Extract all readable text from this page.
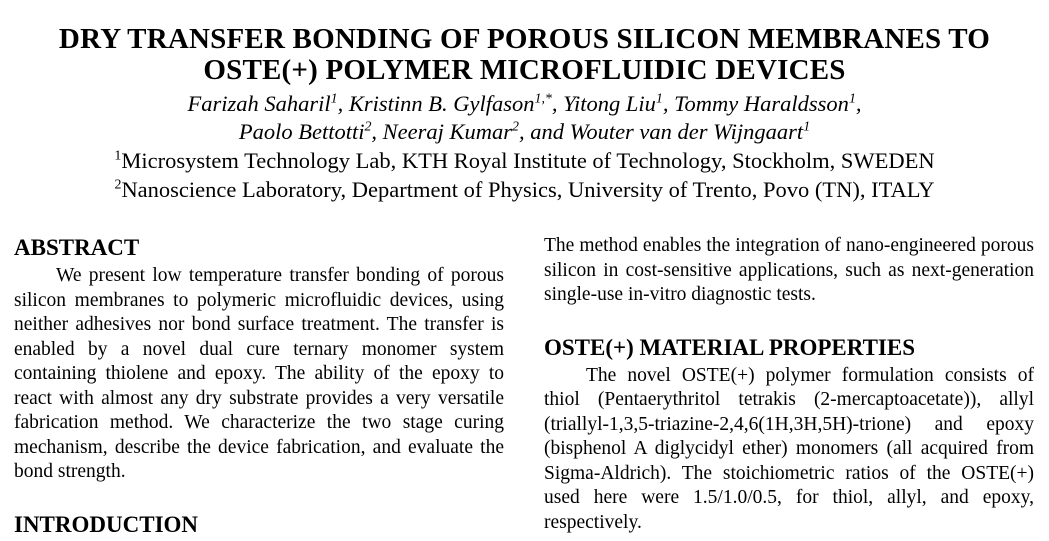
DRY TRANSFER BONDING OF POROUS SILICON MEMBRANES TO
OSTE(+) POLYMER MICROFLUIDIC DEVICES
Farizah Saharil$^1$, Kristinn B. Gylfason$^{1,*}$, Yitong Liu$^1$, Tommy Haraldsson$^1$,
Paolo Bettotti$^2$, Neeraj Kumar$^2$, and Wouter van der Wijngaart$^1$
$^1$Microsystem Technology Lab, KTH Royal Institute of Technology, Stockholm, SWEDEN
$^2$Nanoscience Laboratory, Department of Physics, University of Trento, Povo (TN), ITALY
ABSTRACT

We present low temperature transfer bonding of porous silicon membranes to polymeric microfluidic devices, using neither adhesives nor bond surface treatment. The transfer is enabled by a novel dual cure ternary monomer system containing thiolene and epoxy. The ability of the epoxy to react with almost any dry substrate provides a very versatile fabrication method. We characterize the two stage curing mechanism, describe the device fabrication, and evaluate the bond strength.

INTRODUCTION

The method enables the integration of nano-engineered porous silicon in cost-sensitive applications, such as next-generation single-use in-vitro diagnostic tests.

OSTE(+) MATERIAL PROPERTIES

The novel OSTE(+) polymer formulation consists of thiol (Pentaerythritol tetrakis (2-mercaptoacetate)), allyl (triallyl-1,3,5-triazine-2,4,6(1H,3H,5H)-trione) and epoxy (bisphenol A diglycidyl ether) monomers (all acquired from Sigma-Aldrich). The stoichiometric ratios of the OSTE(+) used here were 1.5/1.0/0.5, for thiol, allyl, and epoxy, respectively.
